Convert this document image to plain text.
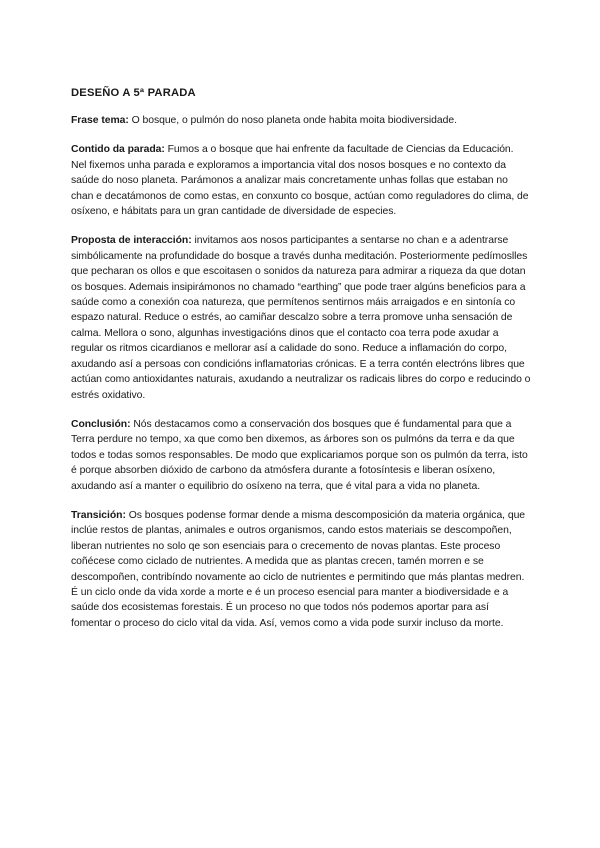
DESEÑO A 5ª PARADA

Frase tema: O bosque, o pulmón do noso planeta onde habita moita biodiversidade.

Contido da parada: Fumos a o bosque que hai enfrente da facultade de Ciencias da Educación. Nel fixemos unha parada e exploramos a importancia vital dos nosos bosques e no contexto da saúde do noso planeta. Parámonos a analizar mais concretamente unhas follas que estaban no chan e decatámonos de como estas, en conxunto co bosque, actúan como reguladores do clima, de osíxeno, e hábitats para un gran cantidade de diversidade de especies.

Proposta de interacción: invitamos aos nosos participantes a sentarse no chan e a adentrarse simbólicamente na profundidade do bosque a través dunha meditación. Posteriormente pedímoslles que pecharan os ollos e que escoitasen o sonidos da natureza para admirar a riqueza da que dotan os bosques. Ademais insipirámonos no chamado “earthing” que pode traer algúns beneficios para a saúde como a conexión coa natureza, que permítenos sentirnos máis arraigados e en sintonía co espazo natural. Reduce o estrés, ao camiñar descalzo sobre a terra promove unha sensación de calma. Mellora o sono, algunhas investigacións dinos que el contacto coa terra pode axudar a regular os ritmos cicardianos e mellorar así a calidade do sono. Reduce a inflamación do corpo, axudando así a persoas con condicións inflamatorias crónicas. E a terra contén electróns libres que actúan como antioxidantes naturais, axudando a neutralizar os radicais libres do corpo e reducindo o estrés oxidativo.

Conclusión: Nós destacamos como a conservación dos bosques que é fundamental para que a Terra perdure no tempo, xa que como ben dixemos, as árbores son os pulmóns da terra e da que todos e todas somos responsables. De modo que explicariamos porque son os pulmón da terra, isto é porque absorben dióxido de carbono da atmósfera durante a fotosíntesis e liberan osíxeno, axudando así a manter o equilibrio do osíxeno na terra, que é vital para a vida no planeta.

Transición: Os bosques podense formar dende a misma descomposición da materia orgánica, que inclúe restos de plantas, animales e outros organismos, cando estos materiais se descompoñen, liberan nutrientes no solo qe son esenciais para o crecemento de novas plantas. Este proceso coñécese como ciclado de nutrientes. A medida que as plantas crecen, tamén morren e se descompoñen, contribíndo novamente ao ciclo de nutrientes e permitindo que más plantas medren. É un ciclo onde da vida xorde a morte e é un proceso esencial para manter a biodiversidade e a saúde dos ecosistemas forestais. É un proceso no que todos nós podemos aportar para así fomentar o proceso do ciclo vital da vida. Así, vemos como a vida pode surxir incluso da morte.
